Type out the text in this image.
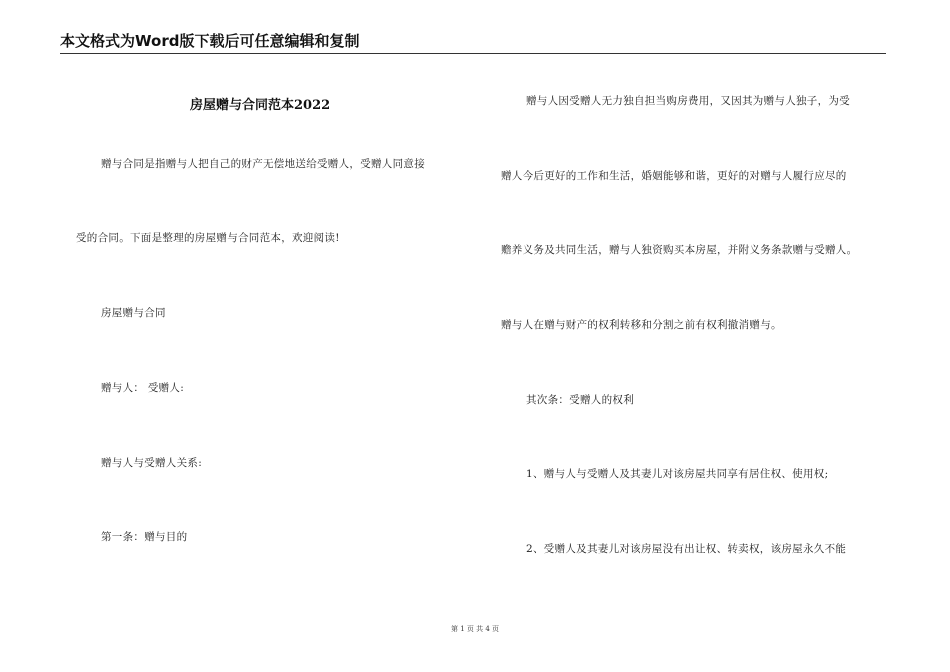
本文格式为Word版下载后可任意编辑和复制
房屋赠与合同范本2022
赠与合同是指赠与人把自己的财产无偿地送给受赠人，受赠人同意接
受的合同。下面是整理的房屋赠与合同范本，欢迎阅读!
房屋赠与合同
赠与人： 受赠人:
赠与人与受赠人关系:
第一条：赠与目的
赠与人因受赠人无力独自担当购房费用，又因其为赠与人独子，为受
赠人今后更好的工作和生活，婚姻能够和谐，更好的对赠与人履行应尽的
赡养义务及共同生活，赠与人独资购买本房屋，并附义务条款赠与受赠人。
赠与人在赠与财产的权利转移和分割之前有权利撤消赠与。
其次条：受赠人的权利
1、赠与人与受赠人及其妻儿对该房屋共同享有居住权、使用权;
2、受赠人及其妻儿对该房屋没有出让权、转卖权，该房屋永久不能
第 1 页 共 4 页
